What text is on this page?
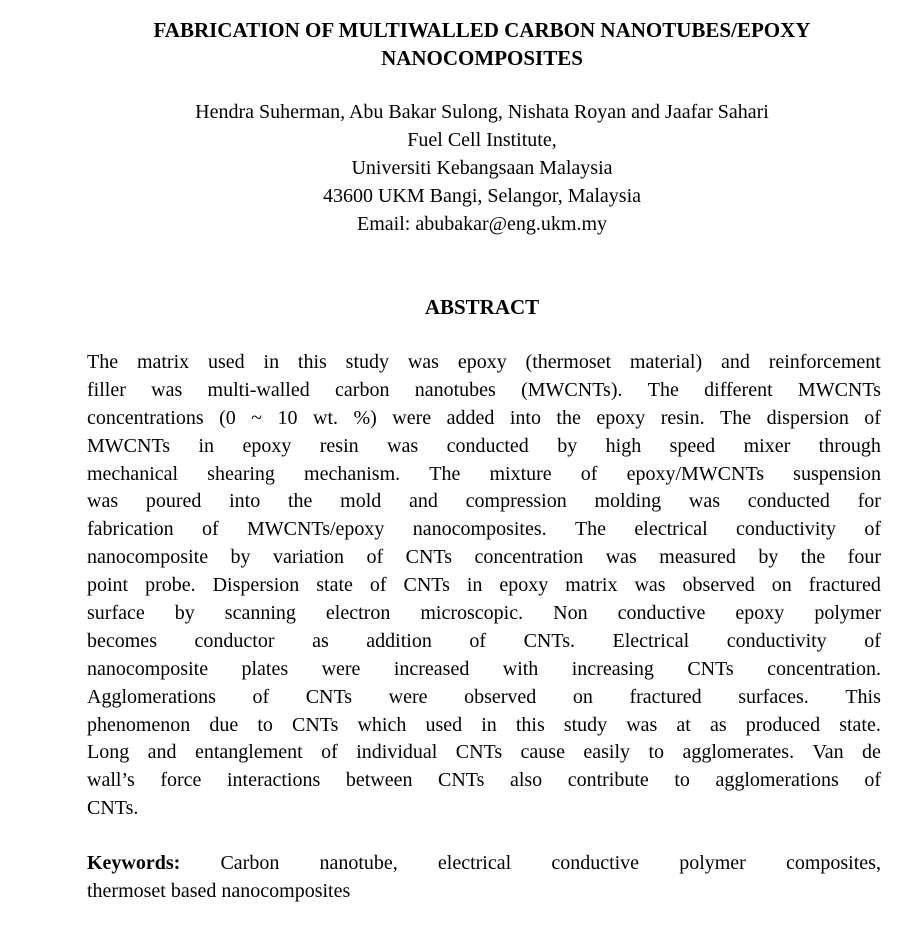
FABRICATION OF MULTIWALLED CARBON NANOTUBES/EPOXY
NANOCOMPOSITES
Hendra Suherman, Abu Bakar Sulong, Nishata Royan and Jaafar Sahari
Fuel Cell Institute,
Universiti Kebangsaan Malaysia
43600 UKM Bangi, Selangor, Malaysia
Email: abubakar@eng.ukm.my
ABSTRACT
The matrix used in this study was epoxy (thermoset material) and reinforcement
filler was multi-walled carbon nanotubes (MWCNTs). The different MWCNTs
concentrations (0 ~ 10 wt. %) were added into the epoxy resin. The dispersion of
MWCNTs in epoxy resin was conducted by high speed mixer through
mechanical shearing mechanism. The mixture of epoxy/MWCNTs suspension
was poured into the mold and compression molding was conducted for
fabrication of MWCNTs/epoxy nanocomposites. The electrical conductivity of
nanocomposite by variation of CNTs concentration was measured by the four
point probe. Dispersion state of CNTs in epoxy matrix was observed on fractured
surface by scanning electron microscopic. Non conductive epoxy polymer
becomes conductor as addition of CNTs. Electrical conductivity of
nanocomposite plates were increased with increasing CNTs concentration.
Agglomerations of CNTs were observed on fractured surfaces. This
phenomenon due to CNTs which used in this study was at as produced state.
Long and entanglement of individual CNTs cause easily to agglomerates. Van de
wall’s force interactions between CNTs also contribute to agglomerations of
CNTs.
Keywords: Carbon nanotube, electrical conductive polymer composites,
thermoset based nanocomposites
